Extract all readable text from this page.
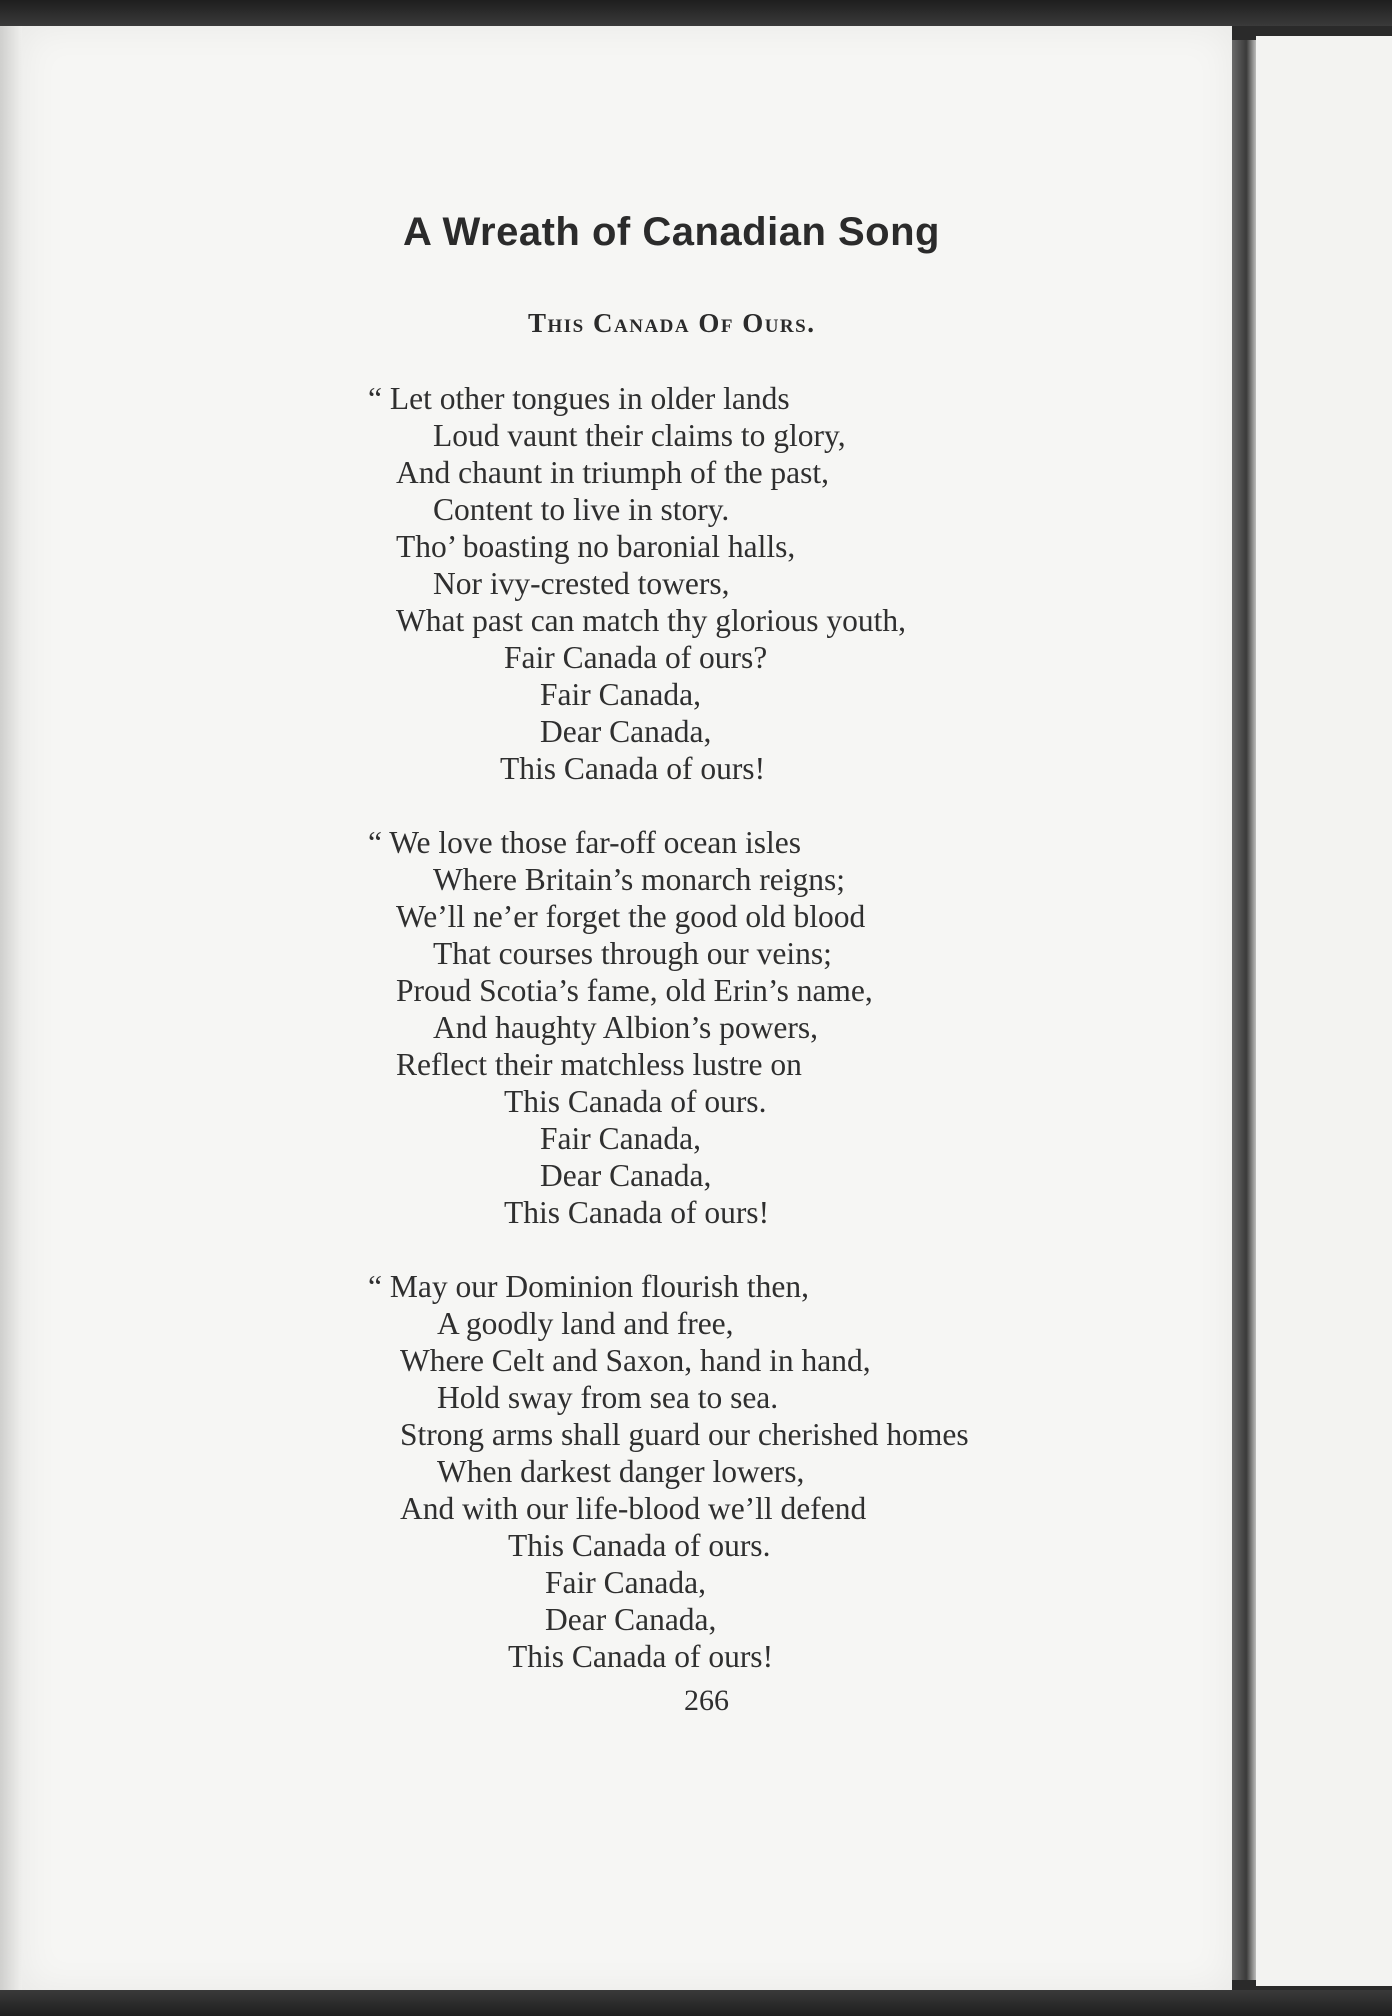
A Wreath of Canadian Song
This Canada Of Ours.
“ Let other tongues in older lands
Loud vaunt their claims to glory,
And chaunt in triumph of the past,
Content to live in story.
Tho’ boasting no baronial halls,
Nor ivy-crested towers,
What past can match thy glorious youth,
Fair Canada of ours?
Fair Canada,
Dear Canada,
This Canada of ours!
“ We love those far-off ocean isles
Where Britain’s monarch reigns;
We’ll ne’er forget the good old blood
That courses through our veins;
Proud Scotia’s fame, old Erin’s name,
And haughty Albion’s powers,
Reflect their matchless lustre on
This Canada of ours.
Fair Canada,
Dear Canada,
This Canada of ours!
“ May our Dominion flourish then,
A goodly land and free,
Where Celt and Saxon, hand in hand,
Hold sway from sea to sea.
Strong arms shall guard our cherished homes
When darkest danger lowers,
And with our life-blood we’ll defend
This Canada of ours.
Fair Canada,
Dear Canada,
This Canada of ours!
266
